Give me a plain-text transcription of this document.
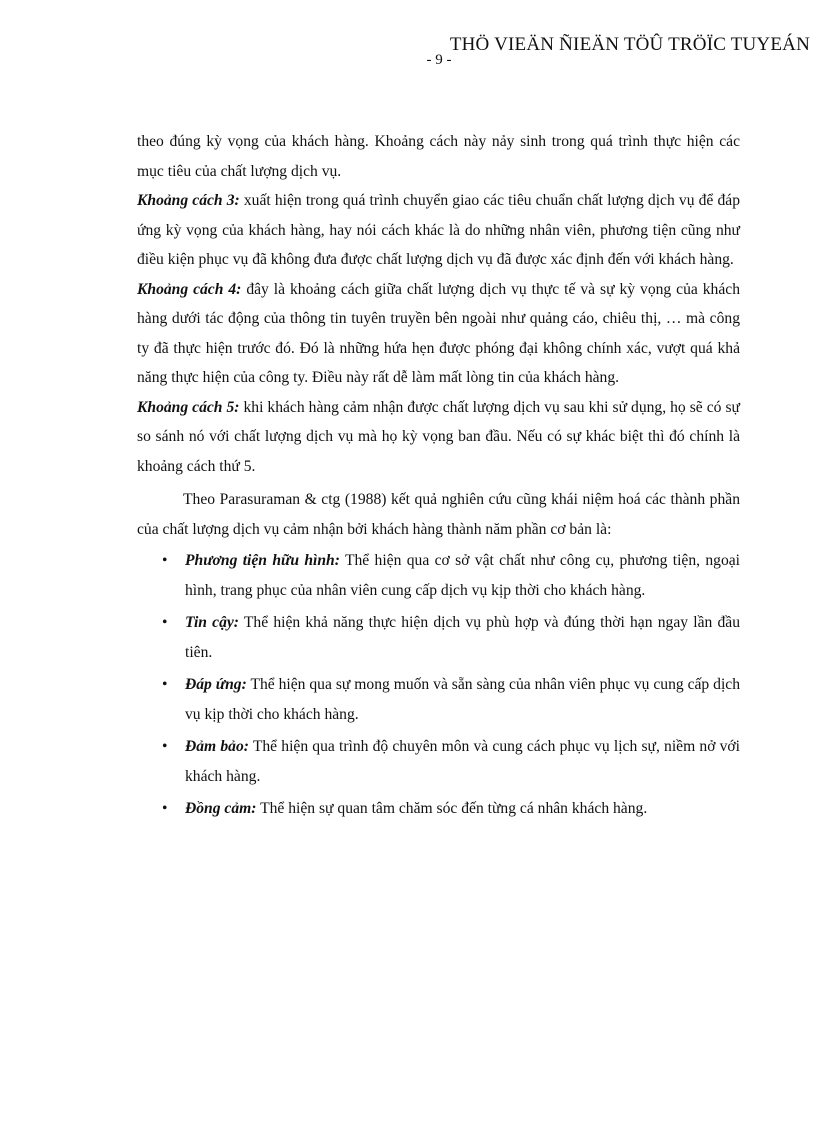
THÖ VIEÄN ÑIEÄN TÖÛ TRÖÏC TUYEÁN
- 9 -

theo đúng kỳ vọng của khách hàng. Khoảng cách này nảy sinh trong quá trình thực hiện các mục tiêu của chất lượng dịch vụ.

Khoảng cách 3: xuất hiện trong quá trình chuyển giao các tiêu chuẩn chất lượng dịch vụ để đáp ứng kỳ vọng của khách hàng, hay nói cách khác là do những nhân viên, phương tiện cũng như điều kiện phục vụ đã không đưa được chất lượng dịch vụ đã được xác định đến với khách hàng.

Khoảng cách 4: đây là khoảng cách giữa chất lượng dịch vụ thực tế và sự kỳ vọng của khách hàng dưới tác động của thông tin tuyên truyền bên ngoài như quảng cáo, chiêu thị, … mà công ty đã thực hiện trước đó. Đó là những hứa hẹn được phóng đại không chính xác, vượt quá khả năng thực hiện của công ty. Điều này rất dễ làm mất lòng tin của khách hàng.

Khoảng cách 5: khi khách hàng cảm nhận được chất lượng dịch vụ sau khi sử dụng, họ sẽ có sự so sánh nó với chất lượng dịch vụ mà họ kỳ vọng ban đầu. Nếu có sự khác biệt thì đó chính là khoảng cách thứ 5.

Theo Parasuraman & ctg (1988) kết quả nghiên cứu cũng khái niệm hoá các thành phần của chất lượng dịch vụ cảm nhận bởi khách hàng thành năm phần cơ bản là:

• Phương tiện hữu hình: Thể hiện qua cơ sở vật chất như công cụ, phương tiện, ngoại hình, trang phục của nhân viên cung cấp dịch vụ kịp thời cho khách hàng.
• Tin cậy: Thể hiện khả năng thực hiện dịch vụ phù hợp và đúng thời hạn ngay lần đầu tiên.
• Đáp ứng: Thể hiện qua sự mong muốn và sẵn sàng của nhân viên phục vụ cung cấp dịch vụ kịp thời cho khách hàng.
• Đảm bảo: Thể hiện qua trình độ chuyên môn và cung cách phục vụ lịch sự, niềm nở với khách hàng.
• Đồng cảm: Thể hiện sự quan tâm chăm sóc đến từng cá nhân khách hàng.
